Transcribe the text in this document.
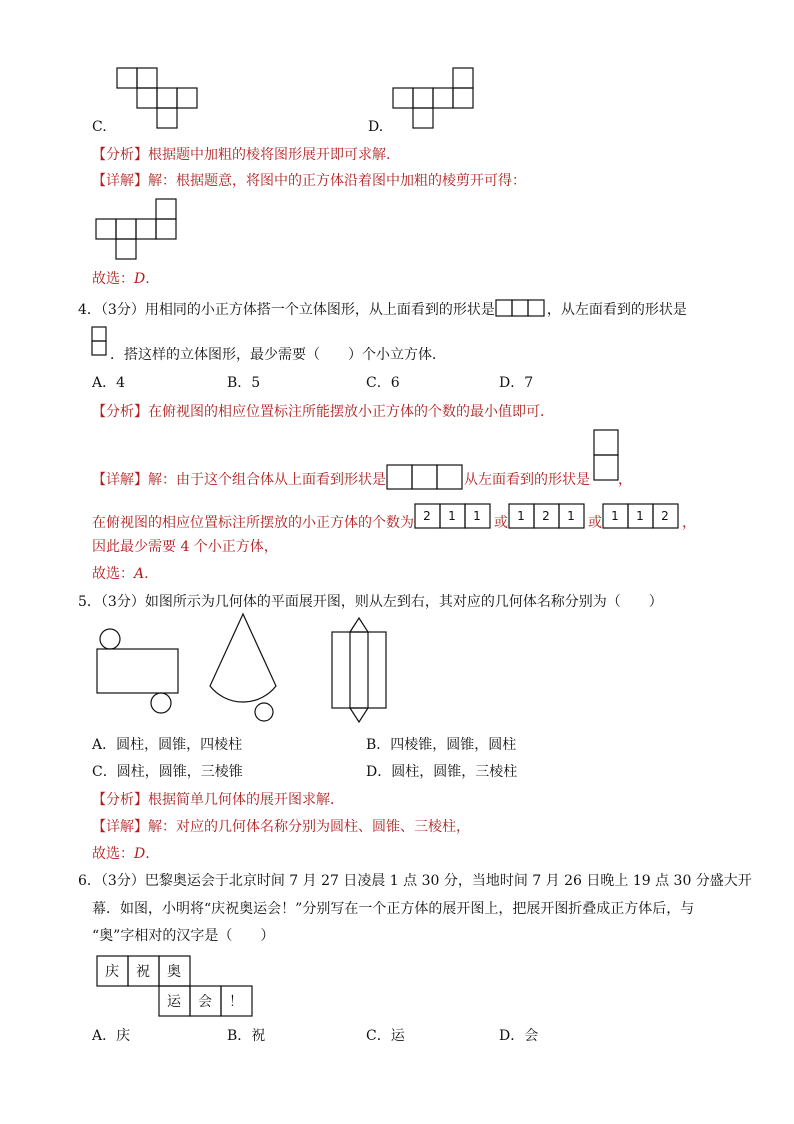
C.	D.
【分析】根据题中加粗的棱将图形展开即可求解.
【详解】解：根据题意，将图中的正方体沿着图中加粗的棱剪开可得：
故选：D.
4．（3分）用相同的小正方体搭一个立体图形，从上面看到的形状是	，从左面看到的形状是
．搭这样的立体图形，最少需要（　　）个小立方体．
A．4	B．5	C．6	D．7
【分析】在俯视图的相应位置标注所能摆放小正方体的个数的最小值即可．
【详解】解：由于这个组合体从上面看到形状是	从左面看到的形状是 ，
在俯视图的相应位置标注所摆放的小正方体的个数为 2 1 1 或 1 2 1 或 1 1 2 ，
因此最少需要 4 个小正方体，
故选：A.
5．（3分）如图所示为几何体的平面展开图，则从左到右，其对应的几何体名称分别为（　　）
A．圆柱，圆锥，四棱柱	B．四棱锥，圆锥，圆柱
C．圆柱，圆锥，三棱锥	D．圆柱，圆锥，三棱柱
【分析】根据简单几何体的展开图求解．
【详解】解：对应的几何体名称分别为圆柱、圆锥、三棱柱，
故选：D.
6．（3分）巴黎奥运会于北京时间 7 月 27 日凌晨 1 点 30 分，当地时间 7 月 26 日晚上 19 点 30 分盛大开
幕．如图，小明将“庆祝奥运会！”分别写在一个正方体的展开图上，把展开图折叠成正方体后，与
“奥”字相对的汉字是（　　）
庆 祝 奥
运 会 ！
A．庆	B．祝	C．运	D．会
